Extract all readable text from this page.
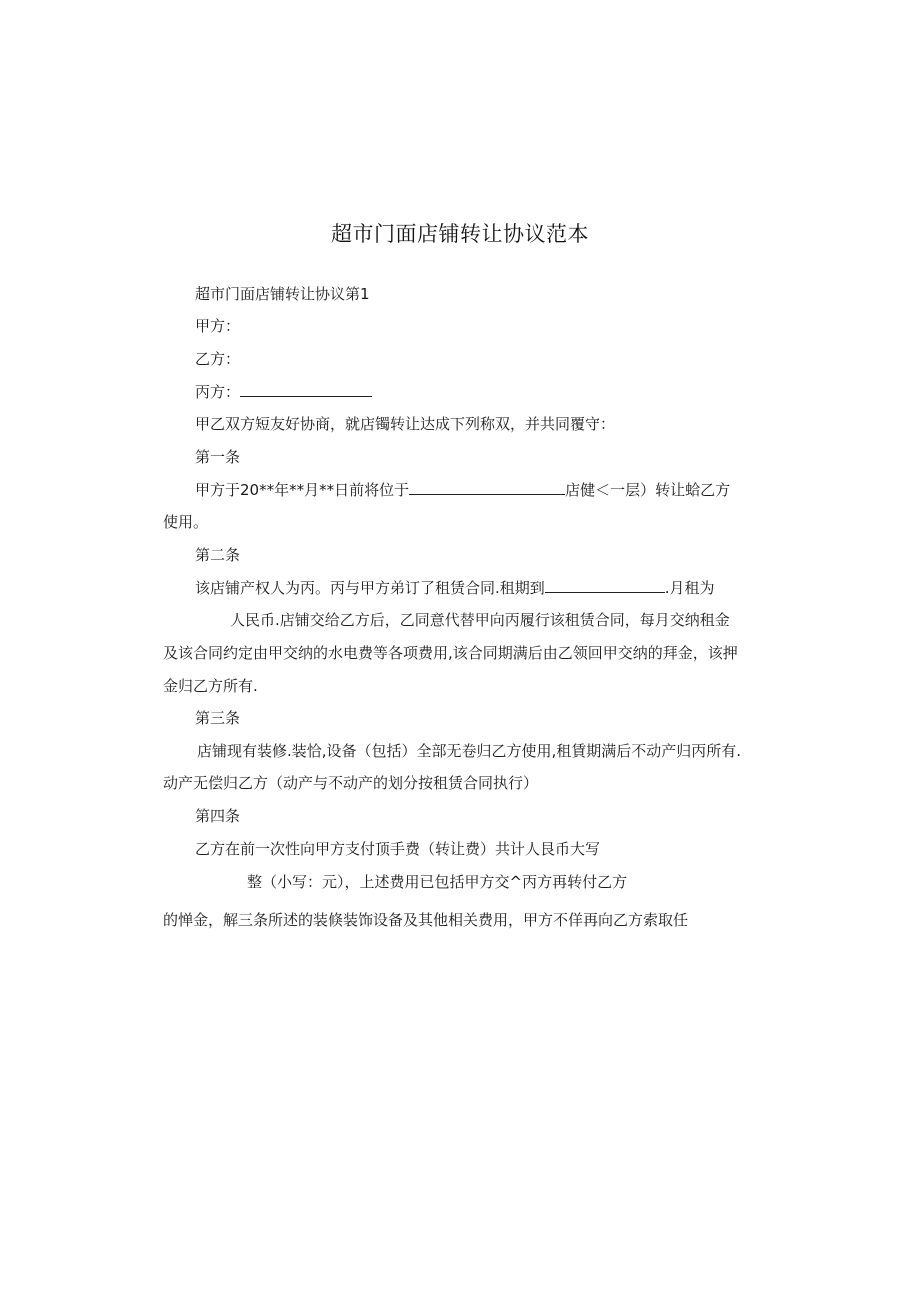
超市门面店铺转让协议范本
超市门面店铺转让协议第1
甲方：
乙方：
丙方：
甲乙双方短友好协商，就店镯转让达成下列称双，并共同覆守：
第一条
甲方于20**年**月**日前将位于	店健＜一层）转让蛤乙方
使用。
第二条
该店铺产权人为丙。丙与甲方弟订了租赁合同.租期到	.月租为
人民币.店铺交给乙方后，乙同意代替甲向丙履行该租赁合同，每月交纳租金
及该合同约定由甲交纳的水电费等各项费用,该合同期满后由乙领回甲交纳的拜金，该押
金归乙方所有.
第三条
店铺现有装修.装恰,设备（包括）全部无卷归乙方使用,租賃期满后不动产归丙所有.
动产无偿归乙方（动产与不动产的划分按租赁合同执行）
第四条
乙方在前一次性向甲方支付顶手费（转让费）共计人艮币大写
整（小写：元），上述费用已包括甲方交^丙方再转付乙方
的惮金，解三条所述的装倏装饰设备及其他相关费用，甲方不佯再向乙方索取任
